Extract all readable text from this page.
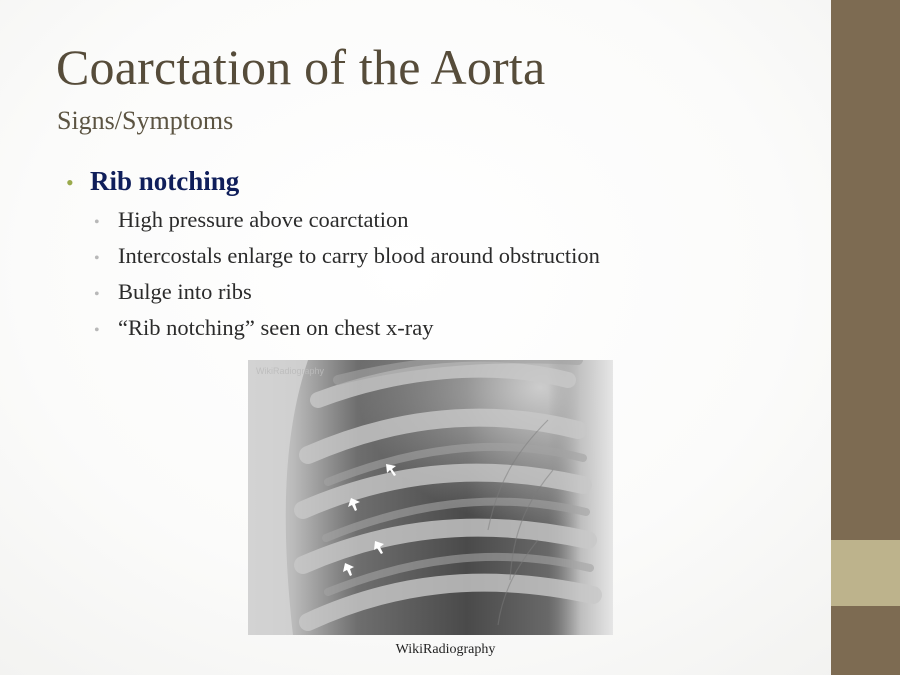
Coarctation of the Aorta
Signs/Symptoms
• Rib notching
• High pressure above coarctation
• Intercostals enlarge to carry blood around obstruction
• Bulge into ribs
• “Rib notching” seen on chest x-ray
WikiRadiography
WikiRadiography
